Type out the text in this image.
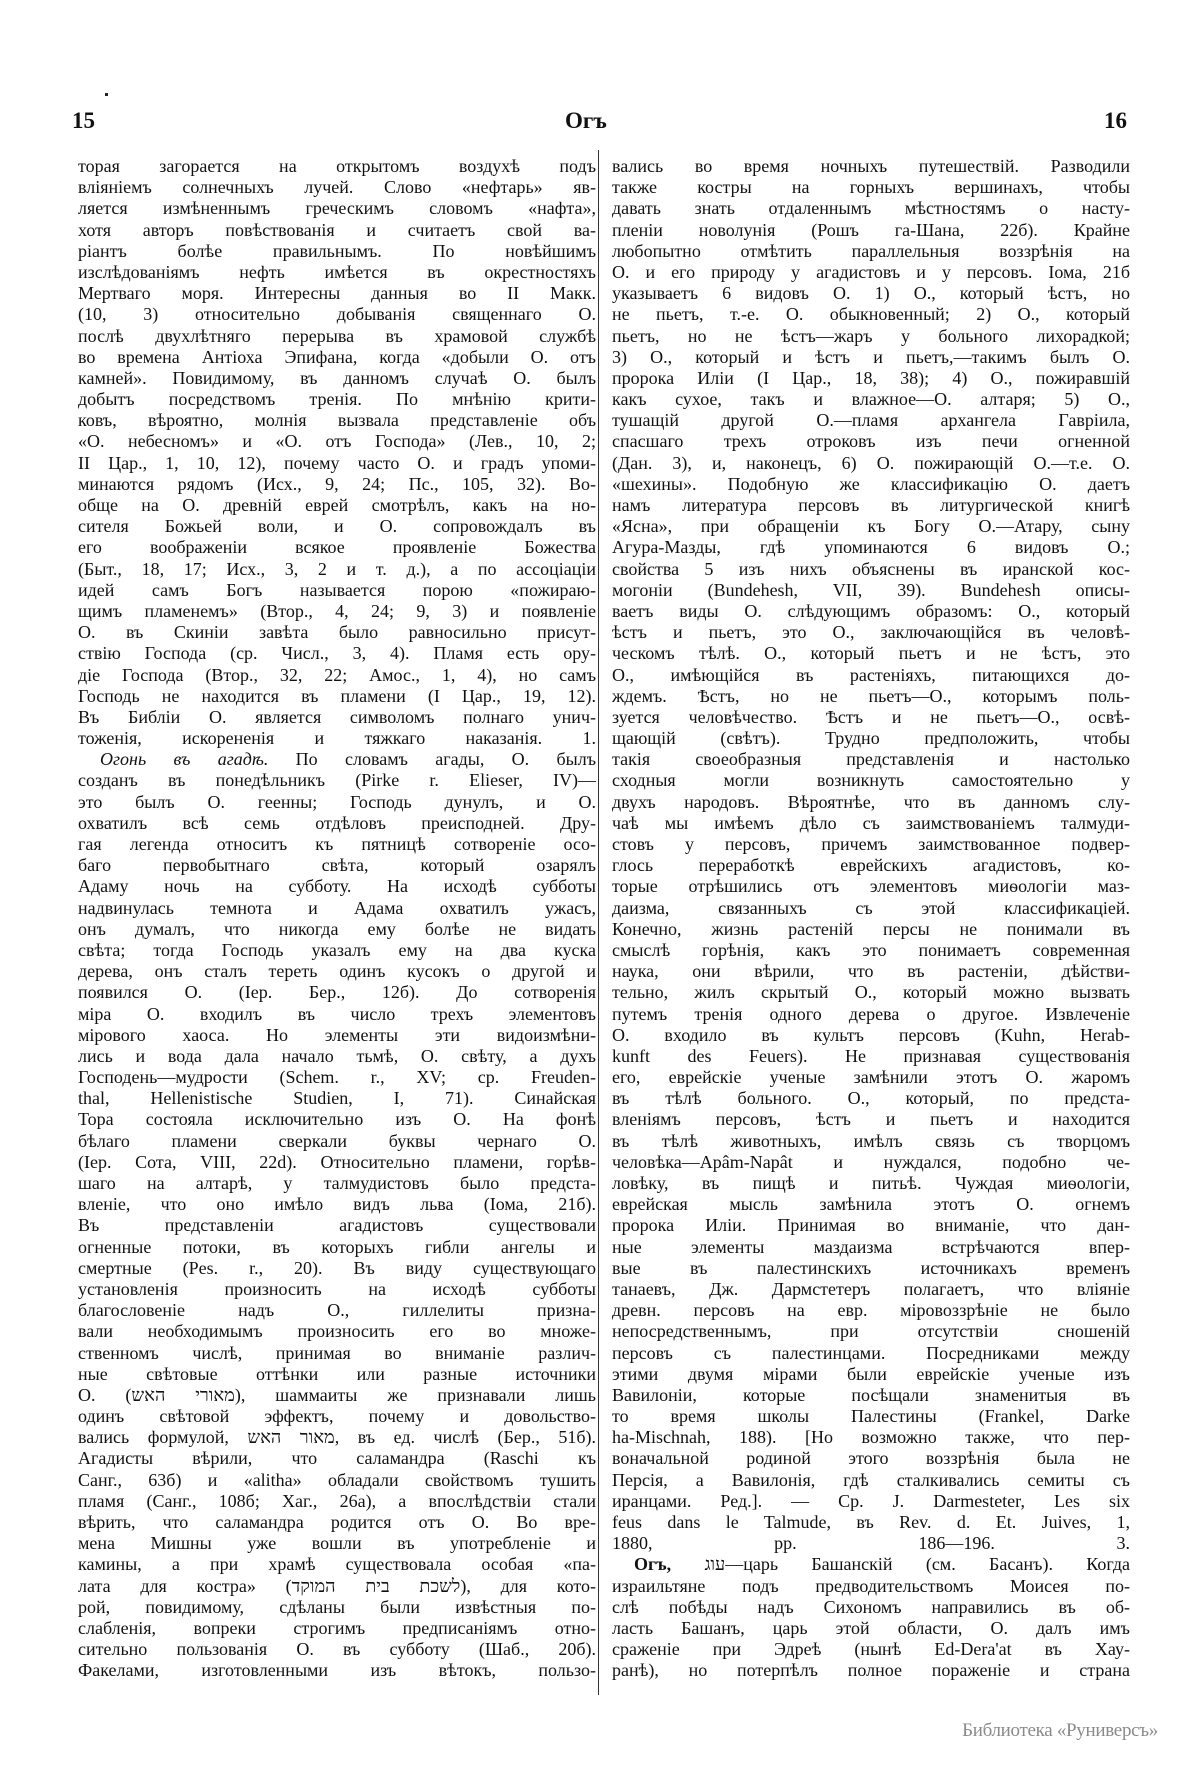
15	Огъ	16
торая загорается на открытомъ воздухѣ подъ
вліяніемъ солнечныхъ лучей. Слово «нефтарь» яв-
ляется измѣненнымъ греческимъ словомъ «нафта»,
хотя авторъ повѣствованія и считаетъ свой ва-
ріантъ болѣе правильнымъ. По новѣйшимъ
изслѣдованіямъ нефть имѣется въ окрестностяхъ
Мертваго моря. Интересны данныя во II Макк.
(10, 3) относительно добыванія священнаго О.
послѣ двухлѣтняго перерыва въ храмовой службѣ
во времена Антіоха Эпифана, когда «добыли О. отъ
камней». Повидимому, въ данномъ случаѣ О. былъ
добытъ посредствомъ тренія. По мнѣнію крити-
ковъ, вѣроятно, молнія вызвала представленіе объ
«О. небесномъ» и «О. отъ Господа» (Лев., 10, 2;
II Цар., 1, 10, 12), почему часто О. и градъ упоми-
минаются рядомъ (Исх., 9, 24; Пс., 105, 32). Во-
обще на О. древній еврей смотрѣлъ, какъ на но-
сителя Божьей воли, и О. сопровождалъ въ
его воображеніи всякое проявленіе Божества
(Быт., 18, 17; Исх., 3, 2 и т. д.), а по ассоціаціи
идей самъ Богъ называется порою «пожираю-
щимъ пламенемъ» (Втор., 4, 24; 9, 3) и появленіе
О. въ Скиніи завѣта было равносильно присут-
ствію Господа (ср. Числ., 3, 4). Пламя есть ору-
діе Господа (Втор., 32, 22; Амос., 1, 4), но самъ
Господь не находится въ пламени (I Цар., 19, 12).
Въ Библіи О. является символомъ полнаго унич-
тоженія, искорененія и тяжкаго наказанія. 1.
Огонь въ агадѣ. По словамъ агады, О. былъ
созданъ въ понедѣльникъ (Pirke r. Elieser, IV)—
это былъ О. геенны; Господь дунулъ, и О.
охватилъ всѣ семь отдѣловъ преисподней. Дру-
гая легенда относитъ къ пятницѣ сотвореніе осо-
баго первобытнаго свѣта, который озарялъ
Адаму ночь на субботу. На исходѣ субботы
надвинулась темнота и Адама охватилъ ужасъ,
онъ думалъ, что никогда ему болѣе не видать
свѣта; тогда Господь указалъ ему на два куска
дерева, онъ сталъ тереть одинъ кусокъ о другой и
появился О. (Іер. Бер., 12б). До сотворенія
міра О. входилъ въ число трехъ элементовъ
мірового хаоса. Но элементы эти видоизмѣни-
лись и вода дала начало тьмѣ, О. свѣту, а духъ
Господень—мудрости (Schem. r., XV; ср. Freuden-
thal, Hellenistische Studien, I, 71). Синайская
Тора состояла исключительно изъ О. На фонѣ
бѣлаго пламени сверкали буквы чернаго О.
(Іер. Сота, VIII, 22d). Относительно пламени, горѣв-
шаго на алтарѣ, у талмудистовъ было предста-
вленіе, что оно имѣло видъ льва (Іома, 21б).
Въ представленіи агадистовъ существовали
огненные потоки, въ которыхъ гибли ангелы и
смертные (Pes. r., 20). Въ виду существующаго
установленія произносить на исходѣ субботы
благословеніе надъ О., гиллелиты призна-
вали необходимымъ произносить его во множе-
ственномъ числѣ, принимая во вниманіе различ-
ные свѣтовые оттѣнки или разные источники
О. (מאורי האש), шаммаиты же признавали лишь
одинъ свѣтовой эффектъ, почему и довольство-
вались формулой, מאור האש, въ ед. числѣ (Бер., 51б).
Агадисты вѣрили, что саламандра (Raschi къ
Санг., 63б) и «alitha» обладали свойствомъ тушить
пламя (Санг., 108б; Хаг., 26а), а впослѣдствіи стали
вѣрить, что саламандра родится отъ О. Во вре-
мена Мишны уже вошли въ употребленіе и
камины, а при храмѣ существовала особая «па-
лата для костра» (לשכת בית המוקד), для кото-
рой, повидимому, сдѣланы были извѣстныя по-
слабленія, вопреки строгимъ предписаніямъ отно-
сительно пользованія О. въ субботу (Шаб., 20б).
Факелами, изготовленными изъ вѣтокъ, пользо-
вались во время ночныхъ путешествій. Разводили
также костры на горныхъ вершинахъ, чтобы
давать знать отдаленнымъ мѣстностямъ о насту-
пленіи новолунія (Рошъ га-Шана, 22б). Крайне
любопытно отмѣтить параллельныя воззрѣнія на
О. и его природу у агадистовъ и у персовъ. Іома, 21б
указываетъ 6 видовъ О. 1) О., который ѣстъ, но
не пьетъ, т.-е. О. обыкновенный; 2) О., который
пьетъ, но не ѣстъ—жаръ у больного лихорадкой;
3) О., который и ѣстъ и пьетъ,—такимъ былъ О.
пророка Иліи (I Цар., 18, 38); 4) О., пожиравшій
какъ сухое, такъ и влажное—О. алтаря; 5) О.,
тушащій другой О.—пламя архангела Гавріила,
спасшаго трехъ отроковъ изъ печи огненной
(Дан. 3), и, наконецъ, 6) О. пожирающій О.—т.е. О.
«шехины». Подобную же классификацію О. даетъ
намъ литература персовъ въ литургической книгѣ
«Ясна», при обращеніи къ Богу О.—Атару, сыну
Агура-Мазды, гдѣ упоминаются 6 видовъ О.;
свойства 5 изъ нихъ объяснены въ иранской кос-
могоніи (Bundehesh, VII, 39). Bundehesh описы-
ваетъ виды О. слѣдующимъ образомъ: О., который
ѣстъ и пьетъ, это О., заключающійся въ человѣ-
ческомъ тѣлѣ. О., который пьетъ и не ѣстъ, это
О., имѣющійся въ растеніяхъ, питающихся до-
ждемъ. Ѣстъ, но не пьетъ—О., которымъ поль-
зуется человѣчество. Ѣстъ и не пьетъ—О., освѣ-
щающій (свѣтъ). Трудно предположить, чтобы
такія своеобразныя представленія и настолько
сходныя могли возникнуть самостоятельно у
двухъ народовъ. Вѣроятнѣе, что въ данномъ слу-
чаѣ мы имѣемъ дѣло съ заимствованіемъ талмуди-
стовъ у персовъ, причемъ заимствованное подвер-
глось переработкѣ еврейскихъ агадистовъ, ко-
торые отрѣшились отъ элементовъ миѳологіи маз-
даизма, связанныхъ съ этой классификаціей.
Конечно, жизнь растеній персы не понимали въ
смыслѣ горѣнія, какъ это понимаетъ современная
наука, они вѣрили, что въ растеніи, дѣйстви-
тельно, жилъ скрытый О., который можно вызвать
путемъ тренія одного дерева о другое. Извлеченіе
О. входило въ культъ персовъ (Kuhn, Herab-
kunft des Feuers). Не признавая существованія
его, еврейскіе ученые замѣнили этотъ О. жаромъ
въ тѣлѣ больного. О., который, по предста-
вленіямъ персовъ, ѣстъ и пьетъ и находится
въ тѣлѣ животныхъ, имѣлъ связь съ творцомъ
человѣка—Apâm-Napât и нуждался, подобно че-
ловѣку, въ пищѣ и питьѣ. Чуждая миѳологіи,
еврейская мысль замѣнила этотъ О. огнемъ
пророка Иліи. Принимая во вниманіе, что дан-
ные элементы маздаизма встрѣчаются впер-
вые въ палестинскихъ источникахъ временъ
танаевъ, Дж. Дармстетеръ полагаетъ, что вліяніе
древн. персовъ на евр. міровоззрѣніе не было
непосредственнымъ, при отсутствіи сношеній
персовъ съ палестинцами. Посредниками между
этими двумя мірами были еврейскіе ученые изъ
Вавилоніи, которые посѣщали знаменитыя въ
то время школы Палестины (Frankel, Darke
ha-Mischnah, 188). [Но возможно также, что пер-
воначальной родиной этого воззрѣнія была не
Персія, а Вавилонія, гдѣ сталкивались семиты съ
иранцами. Ред.]. — Ср. J. Darmesteter, Les six
feus dans le Talmude, въ Rev. d. Et. Juives, 1,
1880, pp. 186—196. 3.
Огъ, עוג—царь Башанскій (см. Басанъ). Когда
израильтяне подъ предводительствомъ Моисея по-
слѣ побѣды надъ Сихономъ направились въ об-
ласть Башанъ, царь этой области, О. далъ имъ
сраженіе при Эдреѣ (нынѣ Ed-Dera'at въ Хау-
ранѣ), но потерпѣлъ полное пораженіе и страна
Библиотека «Руниверсъ»
